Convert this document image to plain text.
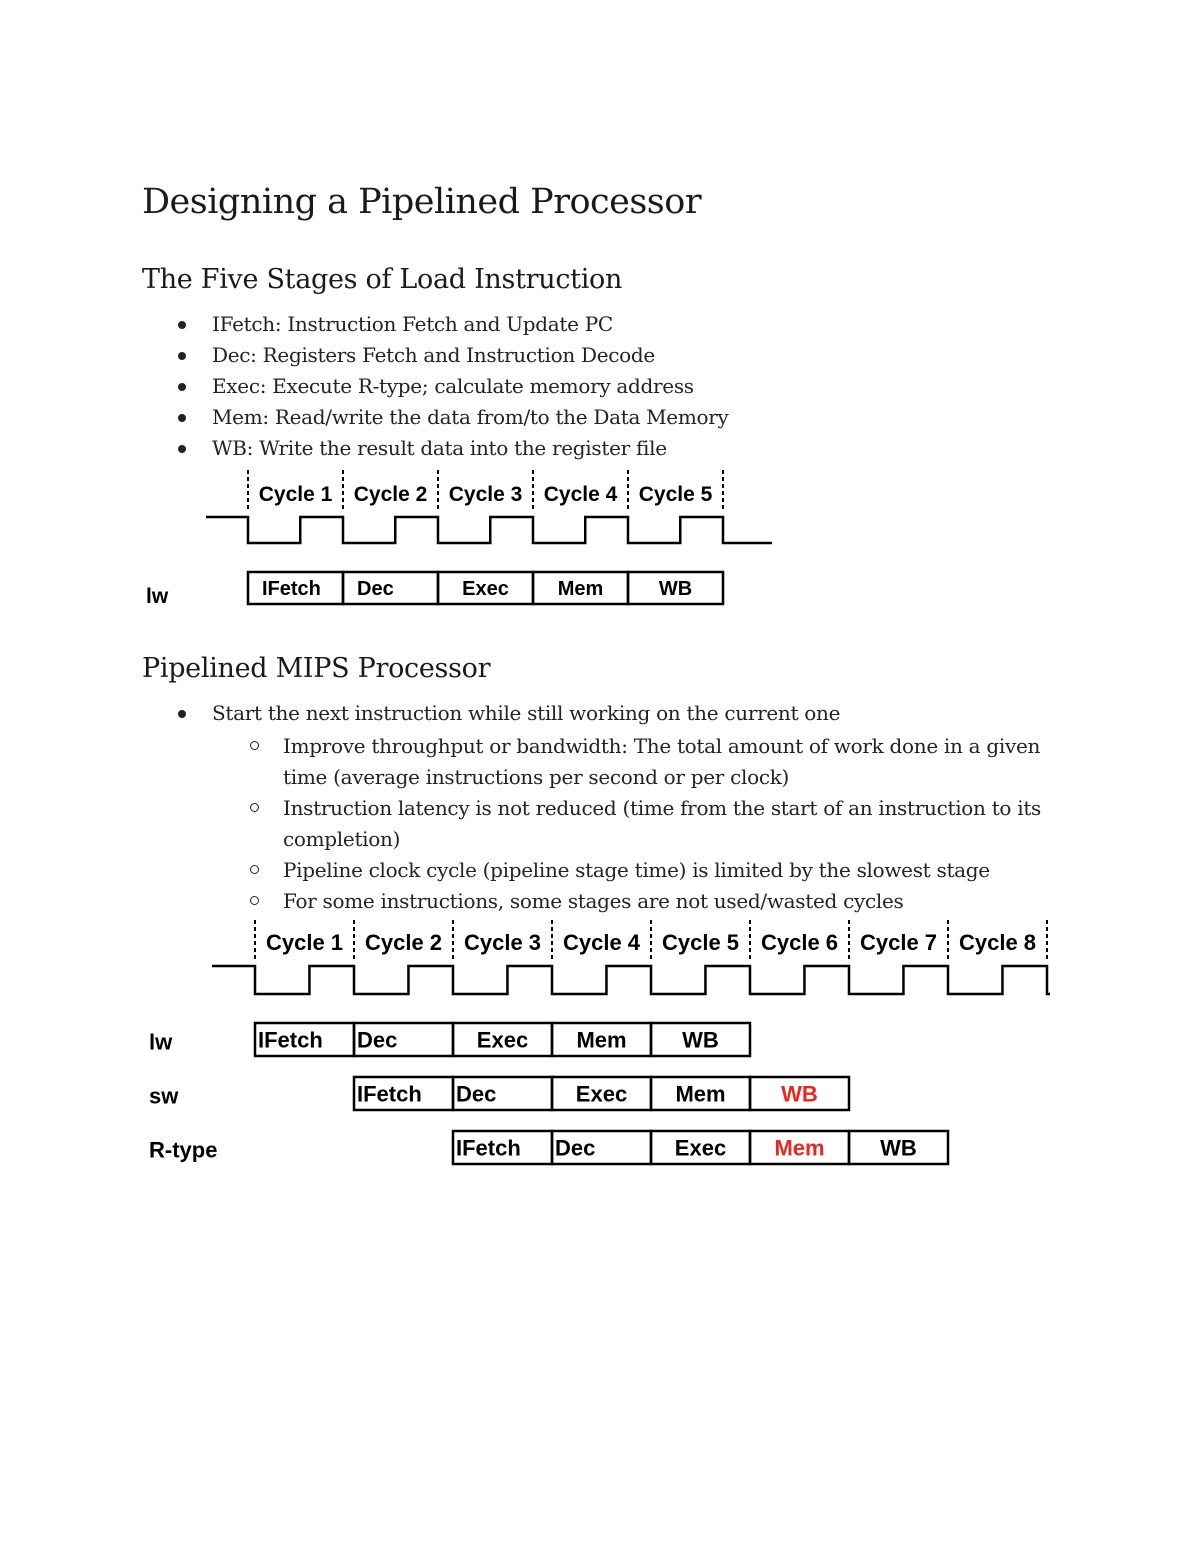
Designing a Pipelined Processor
The Five Stages of Load Instruction
IFetch: Instruction Fetch and Update PC
Dec: Registers Fetch and Instruction Decode
Exec: Execute R-type; calculate memory address
Mem: Read/write the data from/to the Data Memory
WB: Write the result data into the register file
Cycle 1 Cycle 2 Cycle 3 Cycle 4 Cycle 5
lw	IFetch Dec	Exec Mem	WB
Pipelined MIPS Processor
Start the next instruction while still working on the current one
Improve throughput or bandwidth: The total amount of work done in a given time (average instructions per second or per clock)
Instruction latency is not reduced (time from the start of an instruction to its completion)
Pipeline clock cycle (pipeline stage time) is limited by the slowest stage
For some instructions, some stages are not used/wasted cycles
Cycle 1 Cycle 2 Cycle 3 Cycle 4 Cycle 5 Cycle 6 Cycle 7 Cycle 8
lw	IFetch Dec	Exec Mem	WB
sw	IFetch Dec	Exec Mem	WB
R-type	IFetch Dec	Exec Mem	WB
